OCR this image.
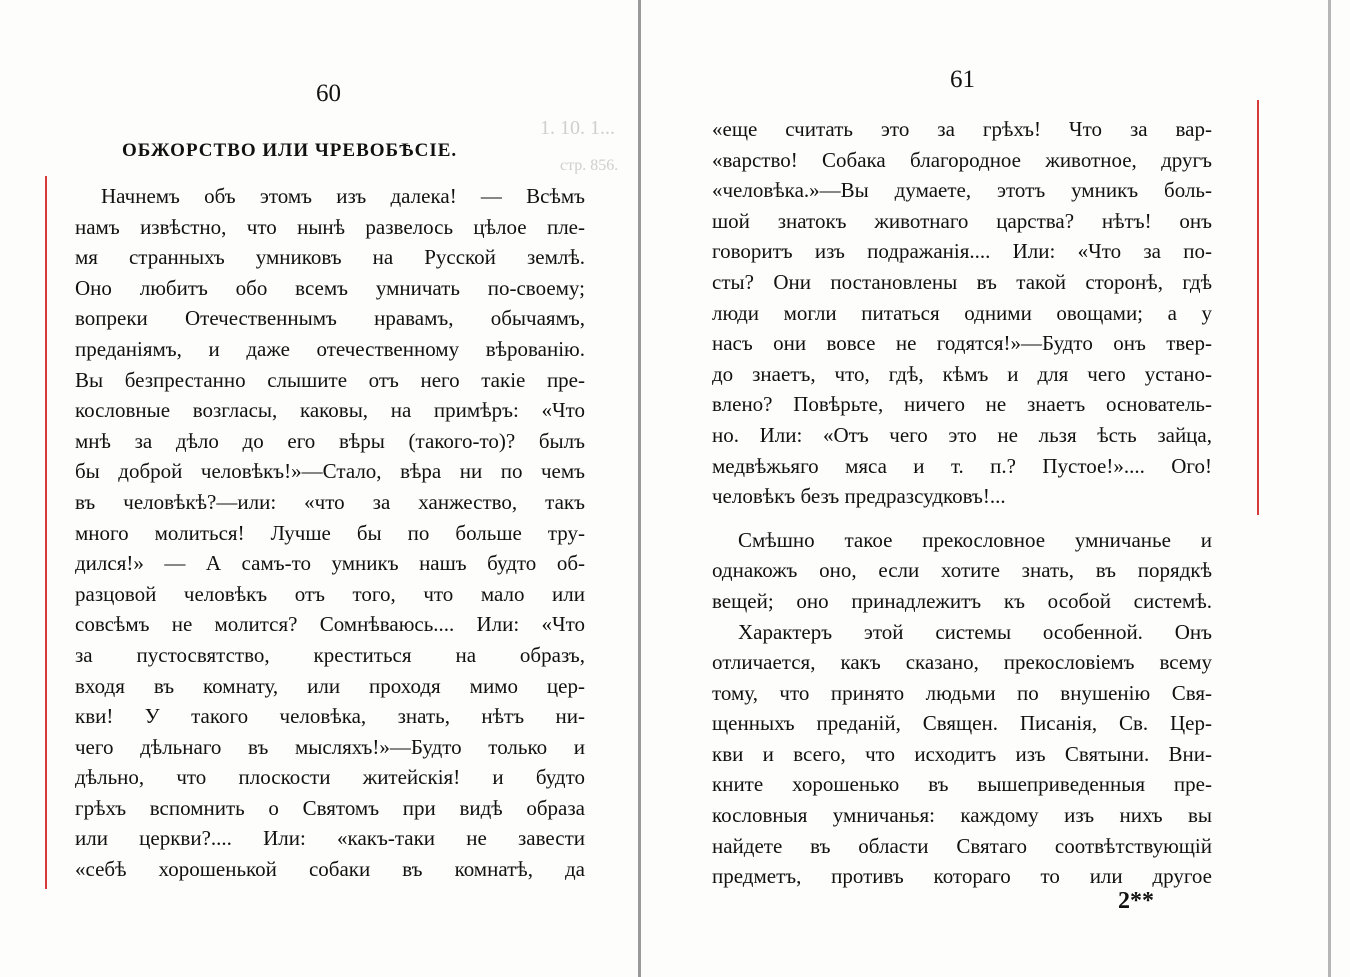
1. 10. 1...
стр. 856.
60
61
ОБЖОРСТВО ИЛИ ЧРЕВОБѢСІЕ.
Начнемъ объ этомъ изъ далека! — Всѣмъ
намъ извѣстно, что нынѣ развелось цѣлое пле-
мя странныхъ умниковъ на Русской землѣ.
Оно любитъ обо всемъ умничать по-своему;
вопреки Отечественнымъ нравамъ, обычаямъ,
преданіямъ, и даже отечественному вѣрованію.
Вы безпрестанно слышите отъ него такіе пре-
кословные возгласы, каковы, на примѣръ: «Что
мнѣ за дѣло до его вѣры (такого-то)? былъ
бы доброй человѣкъ!»—Стало, вѣра ни по чемъ
въ человѣкѣ?—или: «что за ханжество, такъ
много молиться! Лучше бы по больше тру-
дился!» — А самъ-то умникъ нашъ будто об-
разцовой человѣкъ отъ того, что мало или
совсѣмъ не молится? Сомнѣваюсь.... Или: «Что
за пустосвятство, креститься на образъ,
входя въ комнату, или проходя мимо цер-
кви! У такого человѣка, знать, нѣтъ ни-
чего дѣльнаго въ мысляхъ!»—Будто только и
дѣльно, что плоскости житейскія! и будто
грѣхъ вспомнить о Святомъ при видѣ образа
или церкви?.... Или: «какъ-таки не завести
«себѣ хорошенькой собаки въ комнатѣ, да
«еще считать это за грѣхъ! Что за вар-
«варство! Собака благородное животное, другъ
«человѣка.»—Вы думаете, этотъ умникъ боль-
шой знатокъ животнаго царства? нѣтъ! онъ
говоритъ изъ подражанія.... Или: «Что за по-
сты? Они постановлены въ такой сторонѣ, гдѣ
люди могли питаться одними овощами; а у
насъ они вовсе не годятся!»—Будто онъ твер-
до знаетъ, что, гдѣ, кѣмъ и для чего устано-
влено? Повѣрьте, ничего не знаетъ основатель-
но. Или: «Отъ чего это не льзя ѣсть зайца,
медвѣжьяго мяса и т. п.? Пустое!».... Ого!
человѣкъ безъ предразсудковъ!...
Смѣшно такое прекословное умничанье и
однакожъ оно, если хотите знать, въ порядкѣ
вещей; оно принадлежитъ къ особой системѣ.
Характеръ этой системы особенной. Онъ
отличается, какъ сказано, прекословіемъ всему
тому, что принято людьми по внушенію Свя-
щенныхъ преданій, Священ. Писанія, Св. Цер-
кви и всего, что исходитъ изъ Святыни. Вни-
кните хорошенько въ вышеприведенныя пре-
кословныя умничанья: каждому изъ нихъ вы
найдете въ области Святаго соотвѣтствующій
предметъ, противъ котораго то или другое
2**
